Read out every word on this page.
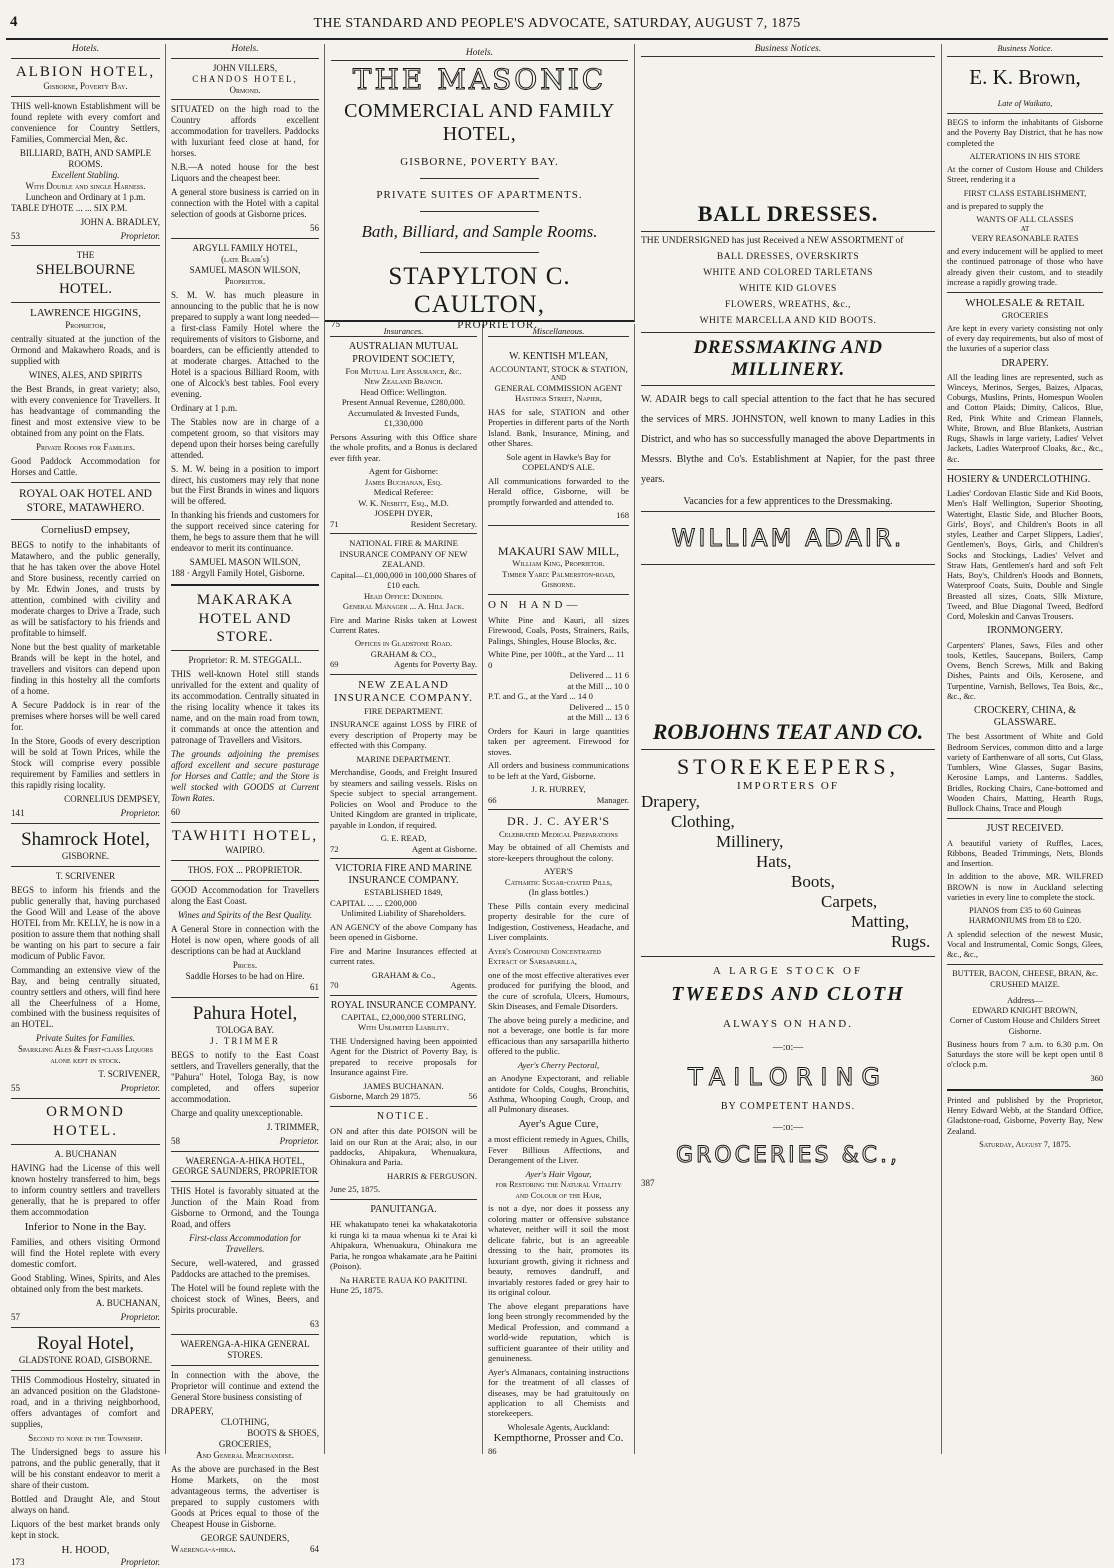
4	THE STANDARD AND PEOPLE'S ADVOCATE, SATURDAY, AUGUST 7, 1875
Hotels.
ALBION HOTEL,
Gisborne, Poverty Bay.

THIS well-known Establishment will be found replete with every comfort and convenience for Country Settlers, Families, Commercial Men, &c.

BILLIARD, BATH, AND SAMPLE ROOMS.
Excellent Stabling.
With Double and single Harness.
Luncheon and Ordinary at 1 p.m.
TABLE D'HOTE ... ... SIX P.M.
JOHN A. BRADLEY,
53	Proprietor.
THE
SHELBOURNE HOTEL.
LAWRENCE HIGGINS,
Proprietor,

centrally situated at the junction of the Ormond and Makawhero Roads, and is supplied with

WINES, ALES, AND SPIRITS

the Best Brands, in great variety; also, with every convenience for Travellers. It has headvantage of commanding the finest and most extensive view to be obtained from any point on the Flats.

Private Rooms for Families.

Good Paddock Accommodation for Horses and Cattle.

ROYAL OAK HOTEL AND STORE, MATAWHERO.
CorneliusD empsey,

BEGS to notify to the inhabitants of Matawhero, and the public generally, that he has taken over the above Hotel and Store business, recently carried on by Mr. Edwin Jones, and trusts by attention, combined with civility and moderate charges to Drive a Trade, such as will be satisfactory to his friends and profitable to himself.

None but the best quality of marketable Brands will be kept in the hotel, and travellers and visitors can depend upon finding in this hostelry all the comforts of a home.

A Secure Paddock is in rear of the premises where horses will be well cared for.

In the Store, Goods of every description will be sold at Town Prices, while the Stock will comprise every possible requirement by Families and settlers in this rapidly rising locality.

CORNELIUS DEMPSEY,
141	Proprietor.
Shamrock Hotel,
GISBORNE.
T. SCRIVENER

BEGS to inform his friends and the public generally that, having purchased the Good Will and Lease of the above HOTEL from Mr. KELLY, he is now in a position to assure them that nothing shall be wanting on his part to secure a fair modicum of Public Favor.

Commanding an extensive view of the Bay, and being centrally situated, country settlers and others, will find here all the Cheerfulness of a Home, combined with the business requisites of an HOTEL.

Private Suites for Families.
Sparkling Ales & First-class Liquors alone kept in stock.
T. SCRIVENER,
55	Proprietor.
ORMOND HOTEL.
A. BUCHANAN

HAVING had the License of this well known hostelry transferred to him, begs to inform country settlers and travellers generally, that he is prepared to offer them accommodation

Inferior to None in the Bay.

Families, and others visiting Ormond will find the Hotel replete with every domestic comfort.

Good Stabling. Wines, Spirits, and Ales obtained only from the best markets.

A. BUCHANAN,
57	Proprietor.
Royal Hotel,
GLADSTONE ROAD, GISBORNE.

THIS Commodious Hostelry, situated in an advanced position on the Gladstone-road, and in a thriving neighborhood, offers advantages of comfort and supplies,

Second to none in the Township.

The Undersigned begs to assure his patrons, and the public generally, that it will be his constant endeavor to merit a share of their custom.

Bottled and Draught Ale, and Stout always on hand.

Liquors of the best market brands only kept in stock.

H. HOOD,
173	Proprietor.
Hotels.
JOHN VILLERS,
CHANDOS HOTEL,
Ormond.

SITUATED on the high road to the Country affords excellent accommodation for travellers. Paddocks with luxuriant feed close at hand, for horses.

N.B.—A noted house for the best Liquors and the cheapest beer.

A general store business is carried on in connection with the Hotel with a capital selection of goods at Gisborne prices.

56
ARGYLL FAMILY HOTEL,
(late Blair's)
SAMUEL MASON WILSON,
Proprietor.

S. M. W. has much pleasure in announcing to the public that he is now prepared to supply a want long needed—a first-class Family Hotel where the requirements of visitors to Gisborne, and boarders, can be efficiently attended to at moderate charges. Attached to the Hotel is a spacious Billiard Room, with one of Alcock's best tables. Fool every evening.

Ordinary at 1 p.m.

The Stables now are in charge of a competent groom, so that visitors may depend upon their horses being carefully attended.

S. M. W. being in a position to import direct, his customers may rely that none but the First Brands in wines and liquors will be offered.

In thanking his friends and customers for the support received since catering for them, he begs to assure them that he will endeavor to merit its continuance.

SAMUEL MASON WILSON,
188 · Argyll Family Hotel, Gisborne.
MAKARAKA HOTEL AND STORE.
Proprietor: R. M. STEGGALL.

THIS well-known Hotel still stands unrivalled for the extent and quality of its accommodation. Centrally situated in the rising locality whence it takes its name, and on the main road from town, it commands at once the attention and patronage of Travellers and Visitors.

The grounds adjoining the premises afford excellent and secure pasturage for Horses and Cattle; and the Store is well stocked with GOODS at Current Town Rates.

60
TAWHITI HOTEL,
WAIPIRO.
THOS. FOX ... PROPRIETOR.

GOOD Accommodation for Travellers along the East Coast.

Wines and Spirits of the Best Quality.

A General Store in connection with the Hotel is now open, where goods of all descriptions can be had at Auckland

Prices.
Saddle Horses to be had on Hire.
61
Pahura Hotel,
TOLOGA BAY.
J. TRIMMER

BEGS to notify to the East Coast settlers, and Travellers generally, that the "Pahura" Hotel, Tologa Bay, is now completed, and offers superior accommodation.

Charge and quality unexceptionable.

J. TRIMMER,
58	Proprietor.
WAERENGA-A-HIKA HOTEL,
GEORGE SAUNDERS, PROPRIETOR

THIS Hotel is favorably situated at the Junction of the Main Road from Gisborne to Ormond, and the Tounga Road, and offers

First-class Accommodation for Travellers.

Secure, well-watered, and grassed Paddocks are attached to the premises.

The Hotel will be found replete with the choicest stock of Wines, Beers, and Spirits procurable.

63
WAERENGA-A-HIKA GENERAL STORES.

In connection with the above, the Proprietor will continue and extend the General Store business consisting of

DRAPERY,
CLOTHING,
BOOTS & SHOES,
GROCERIES,
And General Merchandise.

As the above are purchased in the Best Home Markets, on the most advantageous terms, the advertiser is prepared to supply customers with Goods at Prices equal to those of the Cheapest House in Gisborne.

GEORGE SAUNDERS,
Waerenga-a-hika.	64
Hotels.
THE MASONIC
COMMERCIAL AND FAMILY HOTEL,
GISBORNE, POVERTY BAY.
PRIVATE SUITES OF APARTMENTS.
Bath, Billiard, and Sample Rooms.
STAPYLTON C. CAULTON,
75	PROPRIETOR.
Insurances.
AUSTRALIAN MUTUAL PROVIDENT SOCIETY,
For Mutual Life Assurance, &c.
New Zealand Branch.
Head Office: Wellington.
Present Annual Revenue, £280,000.
Accumulated & Invested Funds, £1,330,000

Persons Assuring with this Office share the whole profits, and a Bonus is declared ever fifth year.

Agent for Gisborne:
James Buchanan, Esq.
Medical Referee:
W. K. Nesbitt, Esq., M.D.
JOSEPH DYER,
71	Resident Secretary.
NATIONAL FIRE & MARINE INSURANCE COMPANY OF NEW ZEALAND.
Capital—£1,000,000 in 100,000 Shares of £10 each.
Head Office: Dunedin.
General Manager ... A. Hill Jack.

Fire and Marine Risks taken at Lowest Current Rates.

Offices in Gladstone Road.
GRAHAM & CO.,
69	Agents for Poverty Bay.
NEW ZEALAND INSURANCE COMPANY.
FIRE DEPARTMENT.

INSURANCE against LOSS by FIRE of every description of Property may be effected with this Company.

MARINE DEPARTMENT.

Merchandise, Goods, and Freight Insured by steamers and sailing vessels. Risks on Specie subject to special arrangement. Policies on Wool and Produce to the United Kingdom are granted in triplicate, payable in London, if required.

G. E. READ,
72	Agent at Gisborne.
VICTORIA FIRE AND MARINE INSURANCE COMPANY.
ESTABLISHED 1849,
CAPITAL ... ... £200,000
Unlimited Liability of Shareholders.

AN AGENCY of the above Company has been opened in Gisborne.

Fire and Marine Insurances effected at current rates.

GRAHAM & Co.,
70	Agents.
ROYAL INSURANCE COMPANY.
CAPITAL, £2,000,000 STERLING,
With Unlimited Liability.

THE Undersigned having been appointed Agent for the District of Poverty Bay, is prepared to receive proposals for Insurance against Fire.

JAMES BUCHANAN.
Gisborne, March 29 1875.	56
NOTICE.

ON and after this date POISON will be laid on our Run at the Arai; also, in our paddocks, Ahipakura, Whenuakura, Ohinakura and Paria.

HARRIS & FERGUSON.
June 25, 1875.
PANUITANGA.

HE whakatupato tenei ka whakatakotoria ki runga ki ta maua whenua ki te Arai ki Ahipakura, Whenuakura, Ohinakura me Paria, he rongoa whakamate ,ara he Paitini (Poison).

Na HARETE RAUA KO PAKITINI.
Hune 25, 1875.
Miscellaneous.
W. KENTISH M'LEAN,
ACCOUNTANT, STOCK & STATION,
AND
GENERAL COMMISSION AGENT
Hastings Street, Napier,

HAS for sale, STATION and other Properties in different parts of the North Island. Bank, Insurance, Mining, and other Shares.

Sole agent in Hawke's Bay for
COPELAND'S ALE.

All communications forwarded to the Herald office, Gisborne, will be promptly forwarded and attended to.

168
MAKAURI SAW MILL,
William King, Proprietor.
Timber Yard: Palmerston-road, Gisborne.
ON HAND—

White Pine and Kauri, all sizes Firewood, Coals, Posts, Strainers, Rails, Palings, Shingles, House Blocks, &c.

White Pine, per 100ft., at the Yard ... 11 0
Delivered ... 11 6
at the Mill ... 10 0
P.T. and G., at the Yard ... 14 0
Delivered ... 15 0
at the Mill ... 13 6

Orders for Kauri in large quantities taken per agreement. Firewood for stoves.

All orders and business communications to be left at the Yard, Gisborne.

J. R. HURREY,
66	Manager.
DR. J. C. AYER'S
Celebrated Medical Preparations

May be obtained of all Chemists and store-keepers throughout the colony.

AYER'S
Cathartic Sugar-coated Pills,
(In glass bottles.)

These Pills contain every medicinal property desirable for the cure of Indigestion, Costiveness, Headache, and Liver complaints.

Ayer's Compound Concentrated Extract of Sarsaparilla,

one of the most effective alteratives ever produced for purifying the blood, and the cure of scrofula, Ulcers, Humours, Skin Diseases, and Female Disorders.

The above being purely a medicine, and not a beverage, one bottle is far more efficacious than any sarsaparilla hitherto offered to the public.

Ayer's Cherry Pectoral,

an Anodyne Expectorant, and reliable antidote for Colds, Coughs, Bronchitis, Asthma, Whooping Cough, Croup, and all Pulmonary diseases.

Ayer's Ague Cure,

a most efficient remedy in Agues, Chills, Fever Billious Affections, and Derangement of the Liver.

Ayer's Hair Vigour,
for Restoring the Natural Vitality and Colour of the Hair,

is not a dye, nor does it possess any coloring matter or offensive substance whatever, neither will it soil the most delicate fabric, but is an agreeable dressing to the hair, promotes its luxuriant growth, giving it richness and beauty, removes dandruff, and invariably restores faded or grey hair to its original colour.

The above elegant preparations have long been strongly recommended by the Medical Profession, and command a world-wide reputation, which is sufficient guarantee of their utility and genuineness.

Ayer's Almanacs, containing instructions for the treatment of all classes of diseases, may be had gratuitously on application to all Chemists and storekeepers.

Wholesale Agents, Auckland:
Kempthorne, Prosser and Co.
86
Business Notices.
BALL DRESSES.

THE UNDERSIGNED has just Received a NEW ASSORTMENT of

BALL DRESSES, OVERSKIRTS
WHITE AND COLORED TARLETANS
WHITE KID GLOVES
FLOWERS, WREATHS, &c.,
WHITE MARCELLA AND KID BOOTS.
DRESSMAKING AND MILLINERY.

W. ADAIR begs to call special attention to the fact that he has secured the services of MRS. JOHNSTON, well known to many Ladies in this District, and who has so successfully managed the above Departments in Messrs. Blythe and Co's. Establishment at Napier, for the past three years.

Vacancies for a few apprentices to the Dressmaking.
WILLIAM ADAIR.
ROBJOHNS TEAT AND CO.
STOREKEEPERS,
IMPORTERS OF
Drapery,
Clothing,
Millinery,
Hats,
Boots,
Carpets,
Matting,
Rugs.
A LARGE STOCK OF
TWEEDS AND CLOTH
ALWAYS ON HAND.
—:o:—
TAILORING
BY COMPETENT HANDS.
—:o:—
GROCERIES &C.,
387
Business Notice.
E. K. Brown,
Late of Waikato,

BEGS to inform the inhabitants of Gisborne and the Poverty Bay District, that he has now completed the

ALTERATIONS IN HIS STORE

At the corner of Custom House and Childers Street, rendering it a

FIRST CLASS ESTABLISHMENT,

and is prepared to supply the

WANTS OF ALL CLASSES
AT
VERY REASONABLE RATES

and every inducement will be applied to meet the continued patronage of those who have already given their custom, and to steadily increase a rapidly growing trade.

WHOLESALE & RETAIL
GROCERIES

Are kept in every variety consisting not only of every day requirements, but also of most of the luxuries of a superior class

DRAPERY.

All the leading lines are represented, such as Winceys, Merinos, Serges, Baizes, Alpacas, Coburgs, Muslins, Prints, Homespun Woolen and Cotton Plaids; Dimity, Calicos, Blue, Red, Pink White and Crimean Flannels, White, Brown, and Blue Blankets, Austrian Rugs, Shawls in large variety, Ladies' Velvet Jackets, Ladies Waterproof Cloaks, &c., &c., &c.

HOSIERY & UNDERCLOTHING.

Ladies' Cordovan Elastic Side and Kid Boots, Men's Half Wellington, Superior Shooting, Watertight, Elastic Side, and Blucher Boots, Girls', Boys', and Children's Boots in all styles, Leather and Carpet Slippers, Ladies', Gentlemen's, Boys, Girls, and Children's Socks and Stockings, Ladies' Velvet and Straw Hats, Gentlemen's hard and soft Felt Hats, Boy's, Children's Hoods and Bonnets, Waterproof Coats, Suits, Double and Single Breasted all sizes, Coats, Sllk Mixture, Tweed, and Blue Diagonal Tweed, Bedford Cord, Moleskin and Canvas Trousers.

IRONMONGERY.

Carpenters' Planes, Saws, Files and other tools, Kettles, Saucepans, Boilers, Camp Ovens, Bench Screws, Milk and Baking Dishes, Paints and Oils, Kerosene, and Turpentine, Varnish, Bellows, Tea Bois, &c., &c., &c.

CROCKERY, CHINA, & GLASSWARE.

The best Assortment of White and Gold Bedroom Services, common ditto and a large variety of Earthenware of all sorts, Cut Glass, Tumblers, Wine Glasses, Sugar Basins, Kerosine Lamps, and Lanterns. Saddles, Bridles, Rocking Chairs, Cane-bottomed and Wooden Chairs, Matting, Hearth Rugs, Bullock Chains, Trace and Plough

JUST RECEIVED.

A beautiful variety of Ruffles, Laces, Ribbons, Beaded Trimmings, Nets, Blonds and Insertion.

In addition to the above, MR. WILFRED BROWN is now in Auckland selecting varieties in every line to complete the stock.

PIANOS from £35 to 60 Guineas HARMONIUMS from £8 to £20.

A splendid selection of the newest Music, Vocal and Instrumental, Comic Songs, Glees, &c., &c.,

BUTTER, BACON, CHEESE, BRAN, &c.
CRUSHED MAIZE.
Address—
EDWARD KNIGHT BROWN,
Corner of Custom House and Childers Street Gisborne.

Business hours from 7 a.m. to 6.30 p.m. On Saturdays the store will be kept open until 8 o'clock p.m.

360

Printed and published by the Proprietor, Henry Edward Webb, at the Standard Office, Gladstone-road, Gisborne, Poverty Bay, New Zealand.

Saturday, August 7, 1875.
